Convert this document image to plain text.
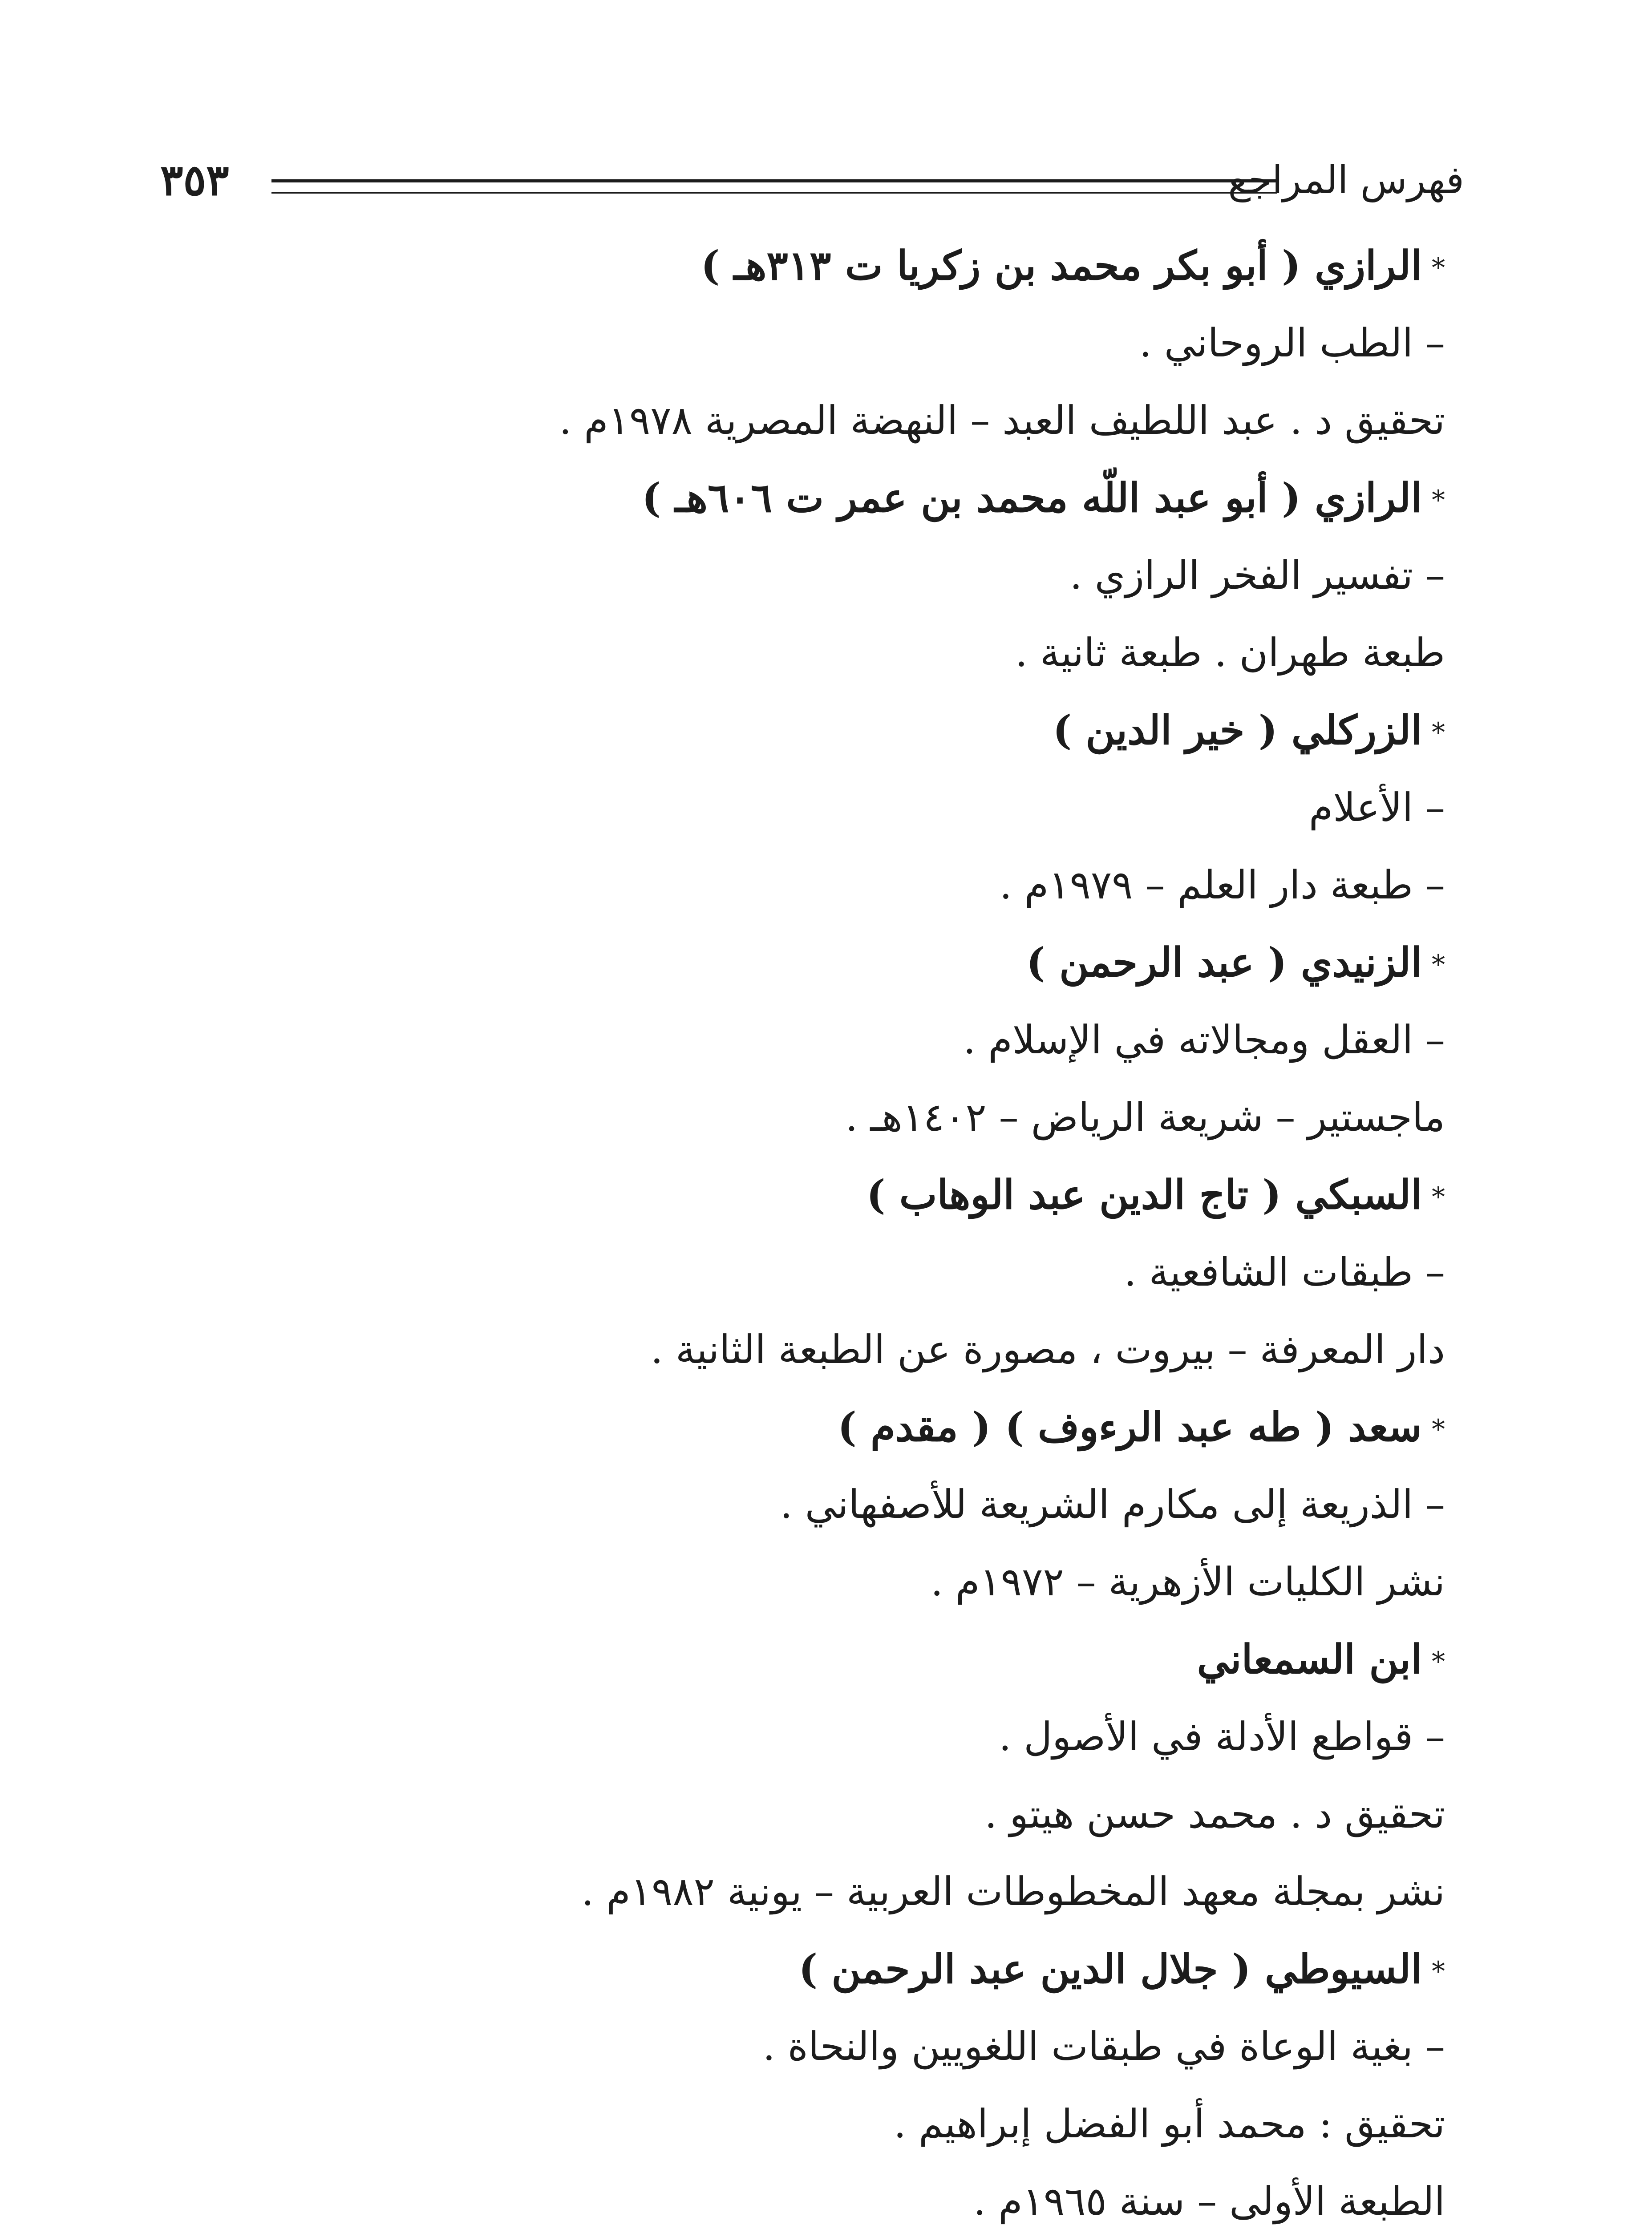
فهرس المراجع
٣٥٣
*الرازي ( أبو بكر محمد بن زكريا ت ٣١٣هـ )
– الطب الروحاني .
تحقيق د . عبد اللطيف العبد – النهضة المصرية ١٩٧٨م .
*الرازي ( أبو عبد اللّه محمد بن عمر ت ٦٠٦هـ )
– تفسير الفخر الرازي .
طبعة طهران . طبعة ثانية .
*الزركلي ( خير الدين )
– الأعلام
– طبعة دار العلم – ١٩٧٩م .
*الزنيدي ( عبد الرحمن )
– العقل ومجالاته في الإسلام .
ماجستير – شريعة الرياض – ١٤٠٢هـ .
*السبكي ( تاج الدين عبد الوهاب )
– طبقات الشافعية .
دار المعرفة – بيروت ، مصورة عن الطبعة الثانية .
*سعد ( طه عبد الرءوف ) ( مقدم )
– الذريعة إلى مكارم الشريعة للأصفهاني .
نشر الكليات الأزهرية – ١٩٧٢م .
*ابن السمعاني
– قواطع الأدلة في الأصول .
تحقيق د . محمد حسن هيتو .
نشر بمجلة معهد المخطوطات العربية – يونية ١٩٨٢م .
*السيوطي ( جلال الدين عبد الرحمن )
– بغية الوعاة في طبقات اللغويين والنحاة .
تحقيق : محمد أبو الفضل إبراهيم .
الطبعة الأولى – سنة ١٩٦٥م .
